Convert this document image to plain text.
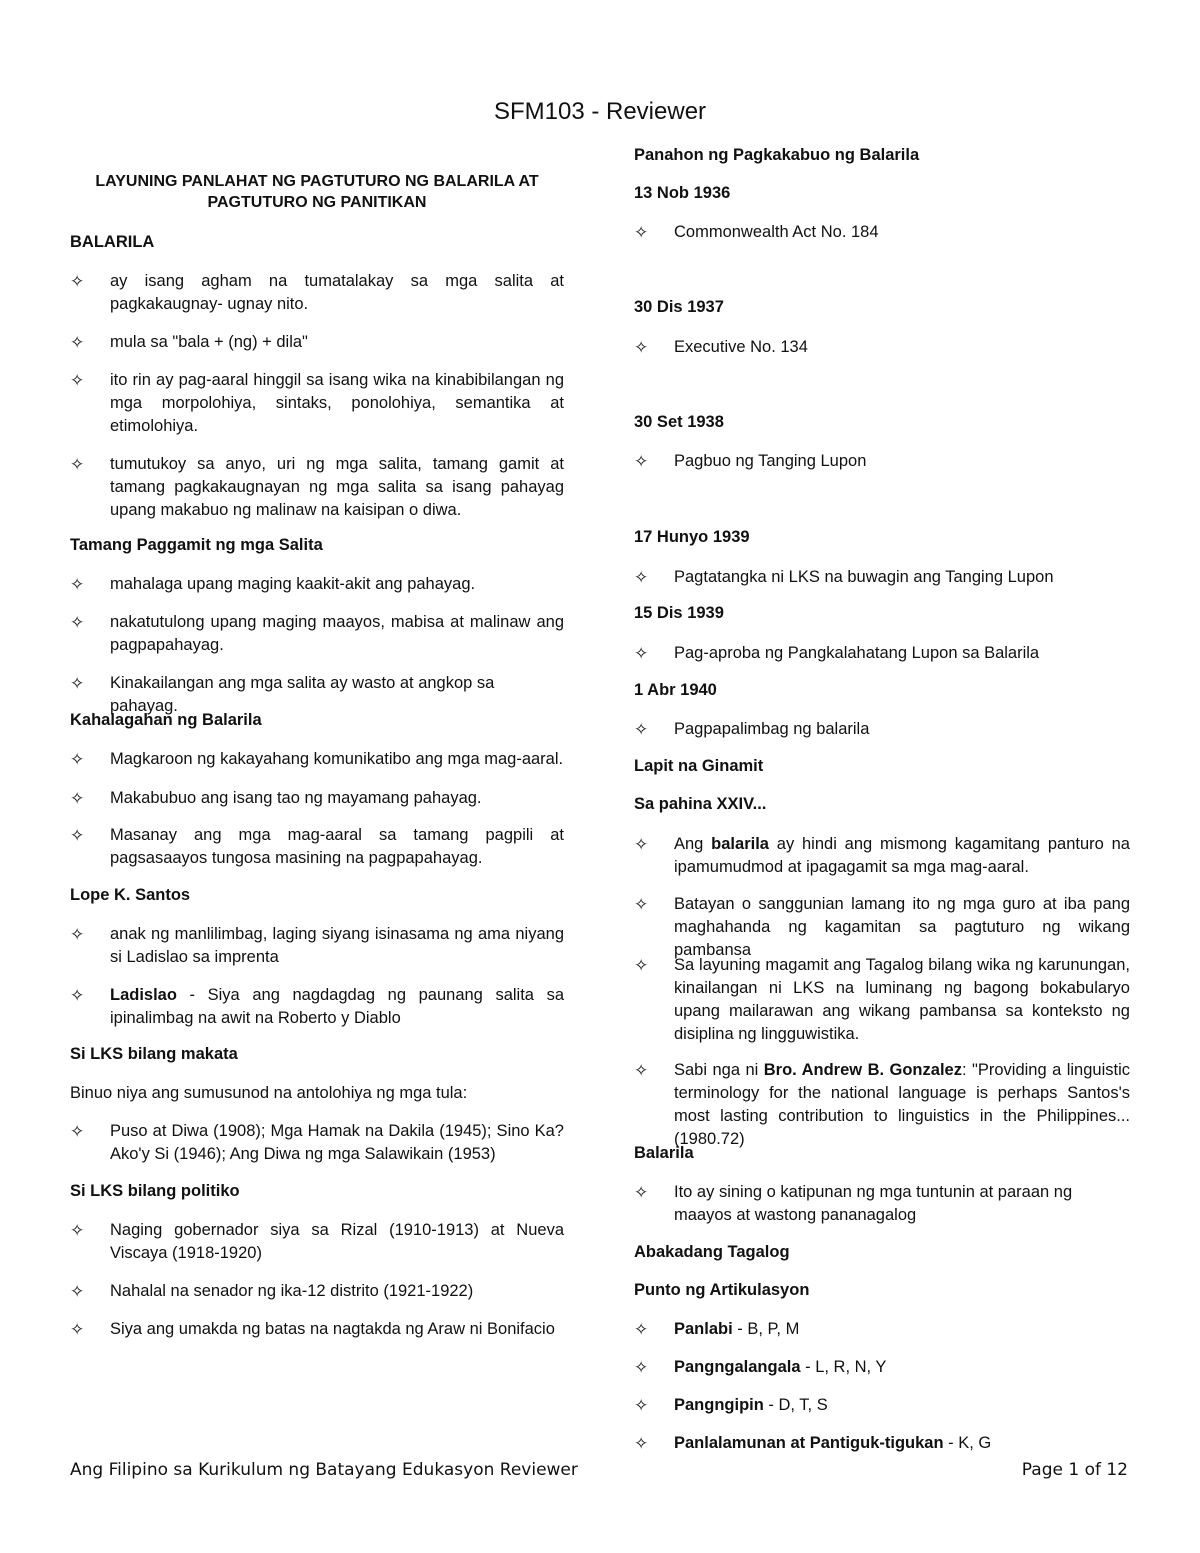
SFM103 - Reviewer
LAYUNING PANLAHAT NG PAGTUTURO NG BALARILA AT
PAGTUTURO NG PANITIKAN
BALARILA
✧	ay isang agham na tumatalakay sa mga salita at pagkakaugnay- ugnay nito.
✧	mula sa "bala + (ng) + dila"
✧	ito rin ay pag-aaral hinggil sa isang wika na kinabibilangan ng mga morpolohiya, sintaks, ponolohiya, semantika at etimolohiya.
✧	tumutukoy sa anyo, uri ng mga salita, tamang gamit at tamang pagkakaugnayan ng mga salita sa isang pahayag upang makabuo ng malinaw na kaisipan o diwa.
Tamang Paggamit ng mga Salita
✧	mahalaga upang maging kaakit-akit ang pahayag.
✧	nakatutulong upang maging maayos, mabisa at malinaw ang pagpapahayag.
✧	Kinakailangan ang mga salita ay wasto at angkop sa pahayag.
Kahalagahan ng Balarila
✧	Magkaroon ng kakayahang komunikatibo ang mga mag-aaral.
✧	Makabubuo ang isang tao ng mayamang pahayag.
✧	Masanay ang mga mag-aaral sa tamang pagpili at pagsasaayos tungosa masining na pagpapahayag.
Lope K. Santos
✧	anak ng manlilimbag, laging siyang isinasama ng ama niyang si Ladislao sa imprenta
✧	Ladislao - Siya ang nagdagdag ng paunang salita sa ipinalimbag na awit na Roberto y Diablo
Si LKS bilang makata
Binuo niya ang sumusunod na antolohiya ng mga tula:
✧	Puso at Diwa (1908); Mga Hamak na Dakila (1945); Sino Ka? Ako'y Si (1946); Ang Diwa ng mga Salawikain (1953)
Si LKS bilang politiko
✧	Naging gobernador siya sa Rizal (1910-1913) at Nueva Viscaya (1918-1920)
✧	Nahalal na senador ng ika-12 distrito (1921-1922)
✧	Siya ang umakda ng batas na nagtakda ng Araw ni Bonifacio
Panahon ng Pagkakabuo ng Balarila
13 Nob 1936
✧	Commonwealth Act No. 184
30 Dis 1937
✧	Executive No. 134
30 Set 1938
✧	Pagbuo ng Tanging Lupon
17 Hunyo 1939
✧	Pagtatangka ni LKS na buwagin ang Tanging Lupon
15 Dis 1939
✧	Pag-aproba ng Pangkalahatang Lupon sa Balarila
1 Abr 1940
✧	Pagpapalimbag ng balarila
Lapit na Ginamit
Sa pahina XXIV...
✧	Ang balarila ay hindi ang mismong kagamitang panturo na ipamumudmod at ipagagamit sa mga mag-aaral.
✧	Batayan o sanggunian lamang ito ng mga guro at iba pang maghahanda ng kagamitan sa pagtuturo ng wikang pambansa
✧	Sa layuning magamit ang Tagalog bilang wika ng karunungan, kinailangan ni LKS na luminang ng bagong bokabularyo upang mailarawan ang wikang pambansa sa konteksto ng disiplina ng lingguwistika.
✧	Sabi nga ni Bro. Andrew B. Gonzalez: "Providing a linguistic terminology for the national language is perhaps Santos's most lasting contribution to linguistics in the Philippines... (1980.72)
Balarila
✧	Ito ay sining o katipunan ng mga tuntunin at paraan ng maayos at wastong pananagalog
Abakadang Tagalog
Punto ng Artikulasyon
✧	Panlabi - B, P, M
✧	Pangngalangala - L, R, N, Y
✧	Pangngipin - D, T, S
✧	Panlalamunan at Pantiguk-tigukan - K, G
Ang Filipino sa Kurikulum ng Batayang Edukasyon Reviewer	Page 1 of 12
